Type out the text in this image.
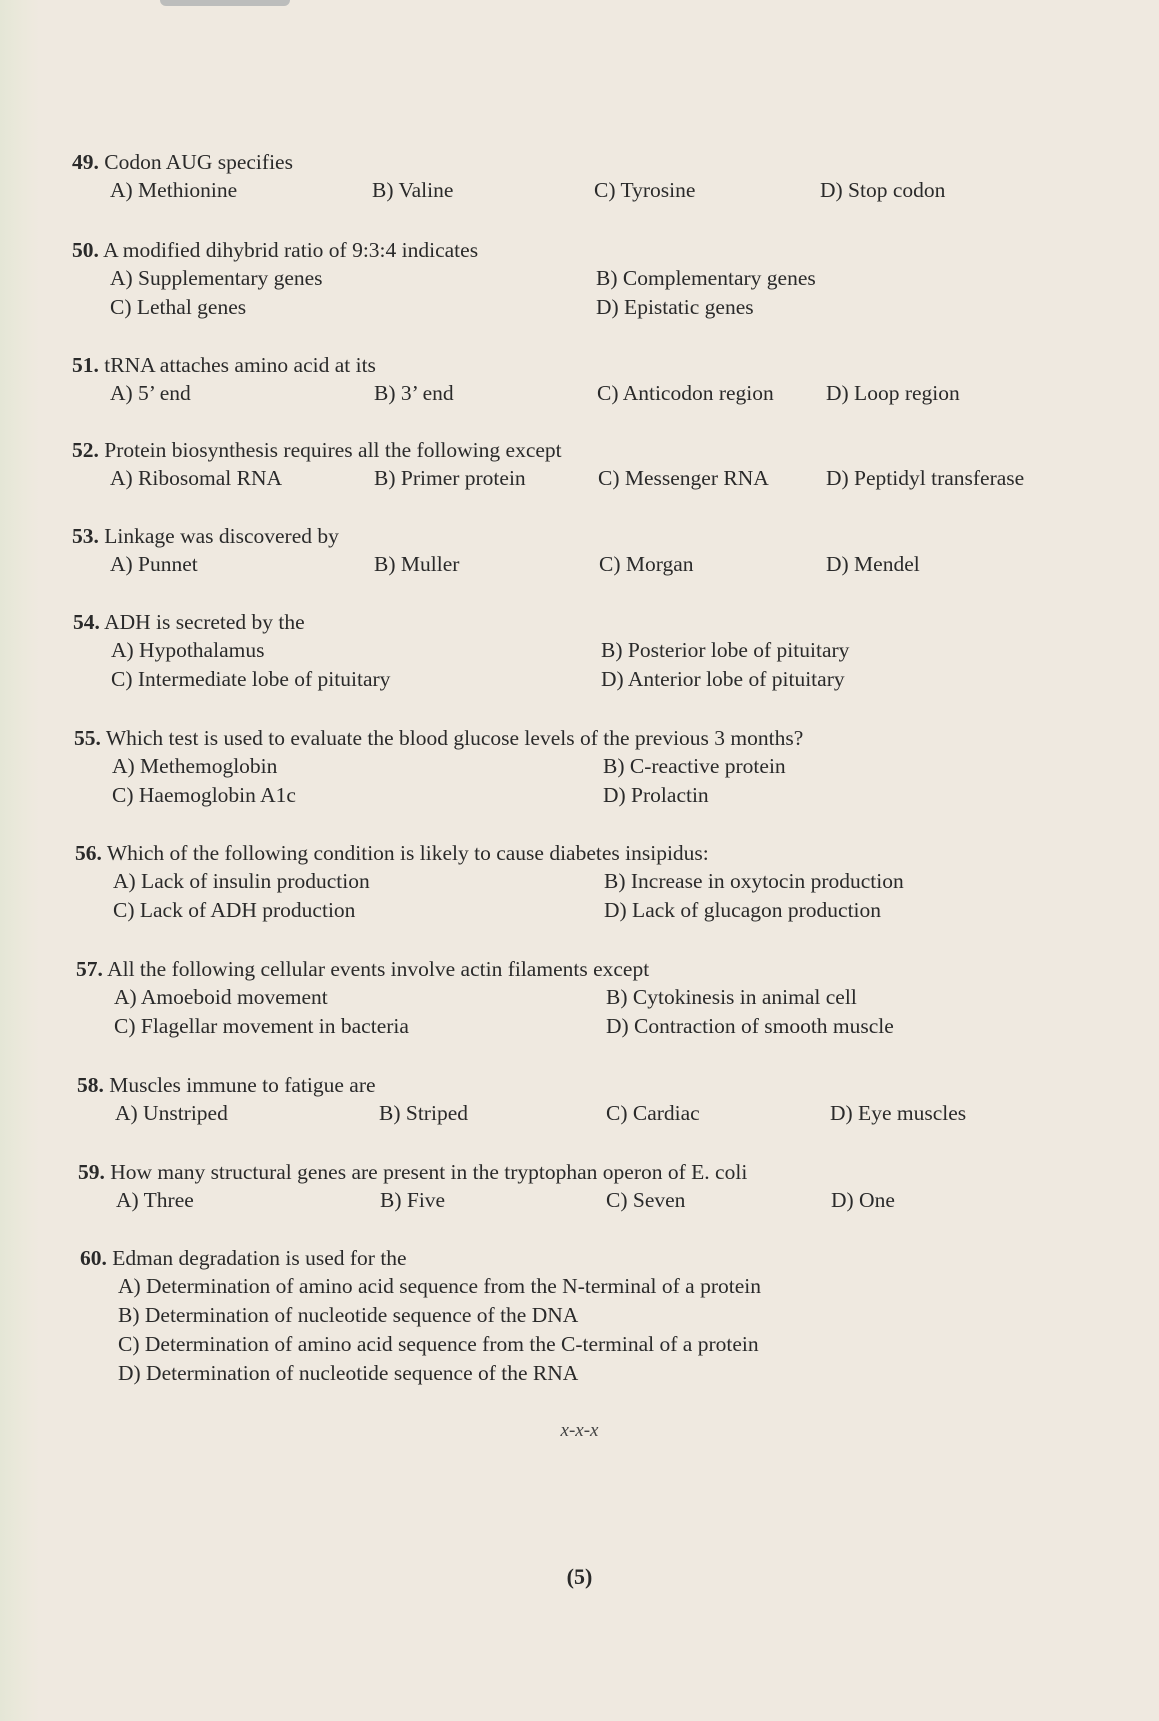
49. Codon AUG specifies
A) Methionine	B) Valine	C) Tyrosine	D) Stop codon
50. A modified dihybrid ratio of 9:3:4 indicates
A) Supplementary genes	B) Complementary genes
C) Lethal genes	D) Epistatic genes
51. tRNA attaches amino acid at its
A) 5’ end	B) 3’ end	C) Anticodon region D) Loop region
52. Protein biosynthesis requires all the following except
A) Ribosomal RNA	B) Primer protein	C) Messenger RNA	D) Peptidyl transferase
53. Linkage was discovered by
A) Punnet	B) Muller	C) Morgan	D) Mendel
54. ADH is secreted by the
A) Hypothalamus	B) Posterior lobe of pituitary
C) Intermediate lobe of pituitary	D) Anterior lobe of pituitary
55. Which test is used to evaluate the blood glucose levels of the previous 3 months?
A) Methemoglobin	B) C-reactive protein
C) Haemoglobin A1c	D) Prolactin
56. Which of the following condition is likely to cause diabetes insipidus:
A) Lack of insulin production	B) Increase in oxytocin production
C) Lack of ADH production	D) Lack of glucagon production
57. All the following cellular events involve actin filaments except
A) Amoeboid movement	B) Cytokinesis in animal cell
C) Flagellar movement in bacteria	D) Contraction of smooth muscle
58. Muscles immune to fatigue are
A) Unstriped	B) Striped	C) Cardiac	D) Eye muscles
59. How many structural genes are present in the tryptophan operon of E. coli
A) Three	B) Five	C) Seven	D) One
60. Edman degradation is used for the
A) Determination of amino acid sequence from the N-terminal of a protein
B) Determination of nucleotide sequence of the DNA
C) Determination of amino acid sequence from the C-terminal of a protein
D) Determination of nucleotide sequence of the RNA
x-x-x
(5)
